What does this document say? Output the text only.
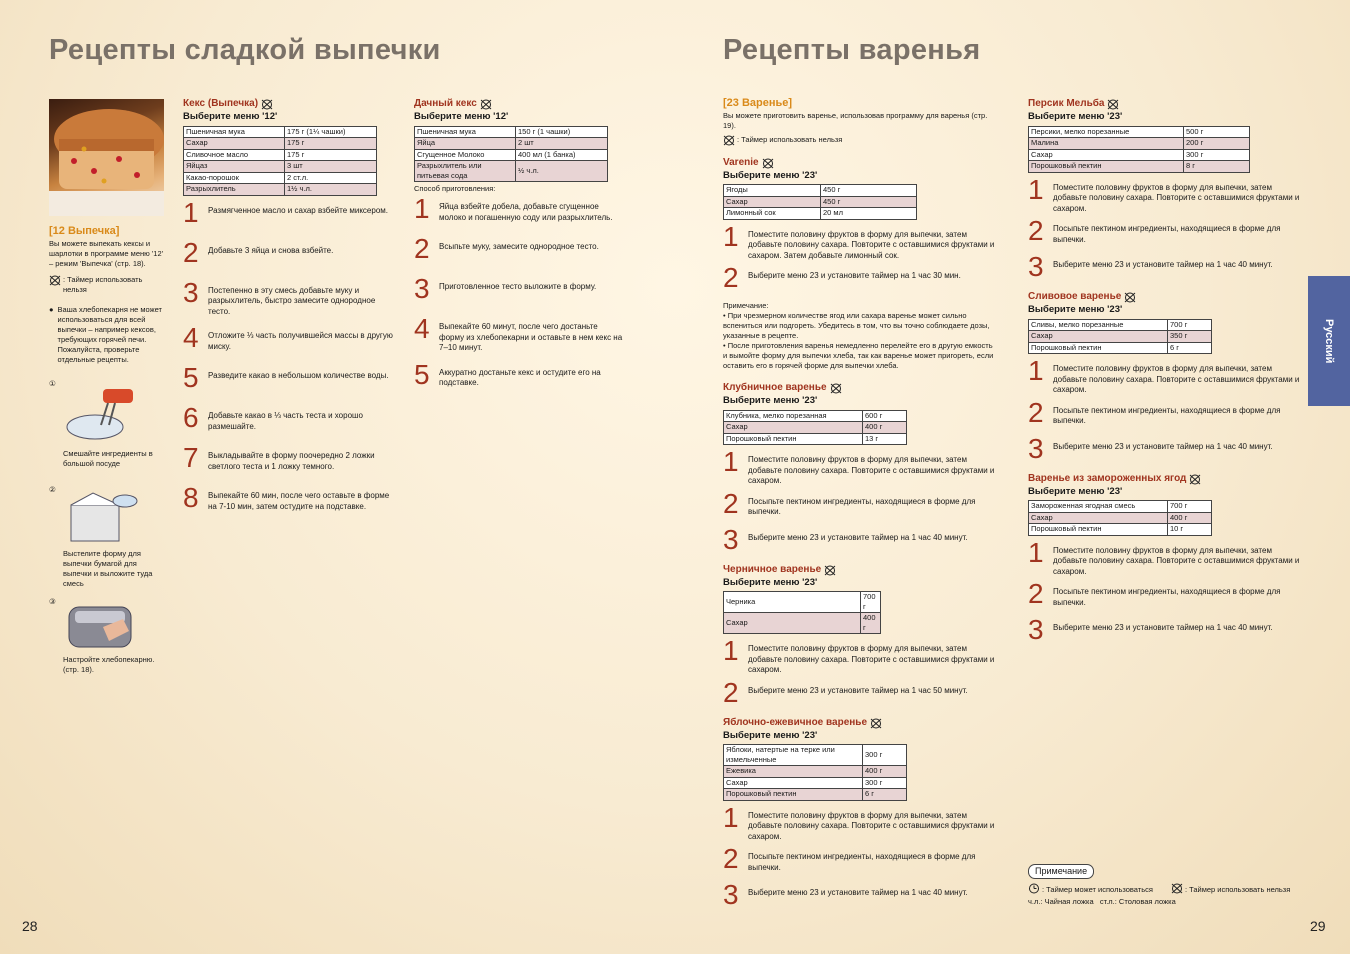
Рецепты сладкой выпечки
[12 Выпечка]
Вы можете выпекать кексы и шарлотки в программе меню '12' – режим 'Выпечка' (стр. 18).
: Таймер использовать нельзя
● Ваша хлебопекарня не может использоваться для всей выпечки – например кексов, требующих горячей печи. Пожалуйста, проверьте отдельные рецепты.
①
Смешайте ингредиенты в большой посуде
②
Выстелите форму для выпечки бумагой для выпечки и выложите туда смесь
③
Настройте хлебопекарню. (стр. 18).
Кекс (Выпечка)
Выберите меню '12'
Пшеничная мука	175 г (1¼ чашки)
Сахар	175 г
Сливочное масло	175 г
Яйцаз	3 шт
Какао-порошок	2 ст.л.
Разрыхлитель	1½ ч.л.
1 Размягченное масло и сахар взбейте миксером.
2 Добавьте 3 яйца и снова взбейте.
3 Постепенно в эту смесь добавьте муку и разрыхлитель, быстро замесите однородное тесто.
4 Отложите ⅓ часть получившейся массы в другую миску.
5 Разведите какао в небольшом количестве воды.
6 Добавьте какао в ⅓ часть теста и хорошо размешайте.
7 Выкладывайте в форму поочередно 2 ложки светлого теста и 1 ложку темного.
8 Выпекайте 60 мин, после чего оставьте в форме на 7-10 мин, затем остудите на подставке.
Дачный кекс
Выберите меню '12'
Пшеничная мука	150 г (1 чашки)
Яйца	2 шт
Сгущенное Молоко	400 мл (1 банка)
Разрыхлитель или питьевая сода	½ ч.л.
Способ приготовления:
1 Яйца взбейте добела, добавьте сгущенное молоко и погашенную соду или разрыхлитель.
2 Всыпьте муку, замесите однородное тесто.
3 Приготовленное тесто выложите в форму.
4 Выпекайте 60 минут, после чего достаньте форму из хлебопекарни и оставьте в нем кекс на 7–10 минут.
5 Аккуратно достаньте кекс и остудите его на подставке.
28
Рецепты варенья
[23 Варенье]
Вы можете приготовить варенье, использовав программу для варенья (стр. 19).
: Таймер использовать нельзя
Varenie
Выберите меню '23'
Ягоды	450 г
Сахар	450 г
Лимонный сок	20 мл
1 Поместите половину фруктов в форму для выпечки, затем добавьте половину сахара. Повторите с оставшимися фруктами и сахаром. Затем добавьте лимонный сок.
2 Выберите меню 23 и установите таймер на 1 час 30 мин.
Примечание:
• При чрезмерном количестве ягод или сахара варенье может сильно вспениться или подгореть. Убедитесь в том, что вы точно соблюдаете дозы, указанные в рецепте.
• После приготовления варенья немедленно перелейте его в другую емкость и вымойте форму для выпечки хлеба, так как варенье может пригореть, если оставить его в горячей форме для выпечки хлеба.
Клубничное варенье
Выберите меню '23'
Клубника, мелко порезанная	600 г
Сахар	400 г
Порошковый пектин	13 г
1 Поместите половину фруктов в форму для выпечки, затем добавьте половину сахара. Повторите с оставшимися фруктами и сахаром.
2 Посыпьте пектином ингредиенты, находящиеся в форме для выпечки.
3 Выберите меню 23 и установите таймер на 1 час 40 минут.
Черничное варенье
Выберите меню '23'
Черника	700 г
Сахар	400 г
1 Поместите половину фруктов в форму для выпечки, затем добавьте половину сахара. Повторите с оставшимися фруктами и сахаром.
2 Выберите меню 23 и установите таймер на 1 час 50 минут.
Яблочно-ежевичное варенье
Выберите меню '23'
Яблоки, натертые на терке или измельченные	300 г
Ежевика	400 г
Сахар	300 г
Порошковый пектин	6 г
1 Поместите половину фруктов в форму для выпечки, затем добавьте половину сахара. Повторите с оставшимися фруктами и сахаром.
2 Посыпьте пектином ингредиенты, находящиеся в форме для выпечки.
3 Выберите меню 23 и установите таймер на 1 час 40 минут.
Персик Мельба
Выберите меню '23'
Персики, мелко порезанные	500 г
Малина	200 г
Сахар	300 г
Порошковый пектин	8 г
1 Поместите половину фруктов в форму для выпечки, затем добавьте половину сахара. Повторите с оставшимися фруктами и сахаром.
2 Посыпьте пектином ингредиенты, находящиеся в форме для выпечки.
3 Выберите меню 23 и установите таймер на 1 час 40 минут.
Сливовое варенье
Выберите меню '23'
Сливы, мелко порезанные	700 г
Сахар	350 г
Порошковый пектин	6 г
1 Поместите половину фруктов в форму для выпечки, затем добавьте половину сахара. Повторите с оставшимися фруктами и сахаром.
2 Посыпьте пектином ингредиенты, находящиеся в форме для выпечки.
3 Выберите меню 23 и установите таймер на 1 час 40 минут.
Варенье из замороженных ягод
Выберите меню '23'
Замороженная ягодная смесь	700 г
Сахар	400 г
Порошковый пектин	10 г
1 Поместите половину фруктов в форму для выпечки, затем добавьте половину сахара. Повторите с оставшимися фруктами и сахаром.
2 Посыпьте пектином ингредиенты, находящиеся в форме для выпечки.
3 Выберите меню 23 и установите таймер на 1 час 40 минут.
Примечание
: Таймер может использоваться	: Таймер использовать нельзя
ч.л.: Чайная ложка   ст.л.: Столовая ложка
Русский
29
